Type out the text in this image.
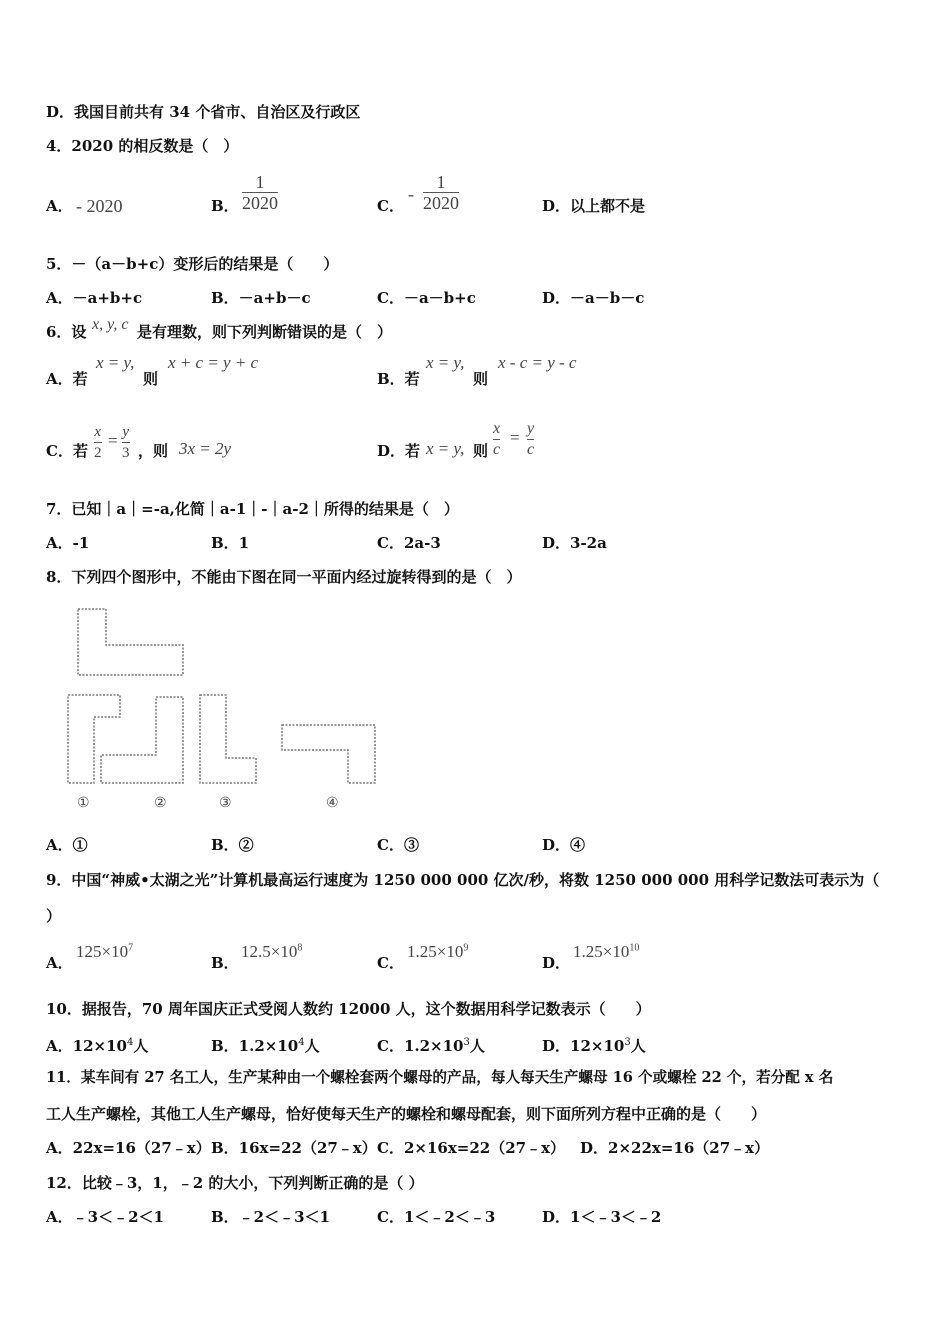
D．我国目前共有 34 个省市、自治区及行政区
4．2020 的相反数是（　）
A． - 2020	B．
1
2020	C．
-
1
2020	D．以上都不是
5．－（a－b+c）变形后的结果是（　　）
A．－a+b+c	B．－a+b－c	C．－a－b+c	D．－a－b－c
6．设 x, y, c 是有理数，则下列判断错误的是（　）
A．若
x = y,
则
x + c = y + c
B．若
x = y,
则
x - c = y - c
C．若
x
2
= y
3 ，则 3x = 2y	D．若 x = y, 则
x
c
= y
c
7．已知｜a｜=-a,化简｜a-1｜-｜a-2｜所得的结果是（　）
A．-1	B．1	C．2a-3	D．3-2a
8．下列四个图形中，不能由下图在同一平面内经过旋转得到的是（　）
①	②	③	④
A．①	B．②	C．③	D．④
9．中国“神威•太湖之光”计算机最高运行速度为 1250 000 000 亿次/秒，将数 1250 000 000 用科学记数法可表示为（
）
A．
$125\times 10^7$
B．
$12.5\times 10^8$
C．
$1.25\times 10^9$
D．
$1.25\times 10^{10}$
10．据报告，70 周年国庆正式受阅人数约 12000 人，这个数据用科学记数表示（　　）
A．$12\times 10^4$人	B．$1.2\times 10^4$人	C．$1.2\times 10^3$人	D．$12\times 10^3$人
11．某车间有 27 名工人，生产某种由一个螺栓套两个螺母的产品，每人每天生产螺母 16 个或螺栓 22 个，若分配 x 名
工人生产螺栓，其他工人生产螺母，恰好使每天生产的螺栓和螺母配套，则下面所列方程中正确的是（　　）
A．22x=16（27﹣x） B．16x=22（27﹣x） C．2×16x=22（27﹣x） D．2×22x=16（27﹣x）
12．比较﹣3，1，﹣2 的大小，下列判断正确的是（ ）
A．﹣3＜﹣2＜1	B．﹣2＜﹣3＜1	C．1＜﹣2＜﹣3	D．1＜﹣3＜﹣2
